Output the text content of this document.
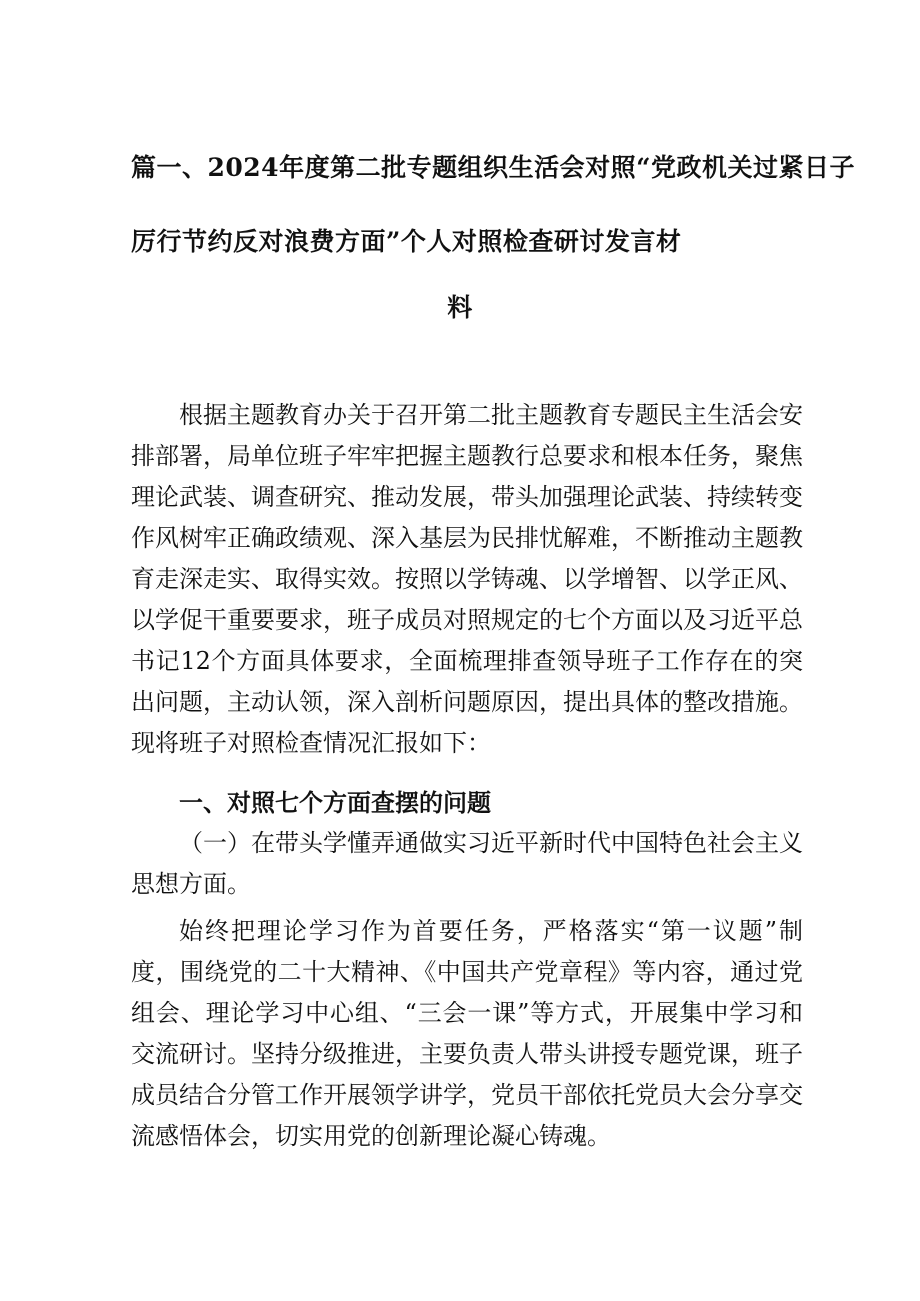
篇一、2024年度第二批专题组织生活会对照“党政机关过紧日子
厉行节约反对浪费方面”个人对照检查研讨发言材
料

根据主题教育办关于召开第二批主题教育专题民主生活会安排部署，局单位班子牢牢把握主题教行总要求和根本任务，聚焦理论武装、调查研究、推动发展，带头加强理论武装、持续转变作风树牢正确政绩观、深入基层为民排忧解难，不断推动主题教育走深走实、取得实效。按照以学铸魂、以学增智、以学正风、以学促干重要要求，班子成员对照规定的七个方面以及习近平总书记12个方面具体要求，全面梳理排查领导班子工作存在的突出问题，主动认领，深入剖析问题原因，提出具体的整改措施。现将班子对照检查情况汇报如下：

一、对照七个方面查摆的问题

（一）在带头学懂弄通做实习近平新时代中国特色社会主义思想方面。

始终把理论学习作为首要任务，严格落实“第一议题”制度，围绕党的二十大精神、《中国共产党章程》等内容，通过党组会、理论学习中心组、“三会一课”等方式，开展集中学习和交流研讨。坚持分级推进，主要负责人带头讲授专题党课，班子成员结合分管工作开展领学讲学，党员干部依托党员大会分享交流感悟体会，切实用党的创新理论凝心铸魂。
